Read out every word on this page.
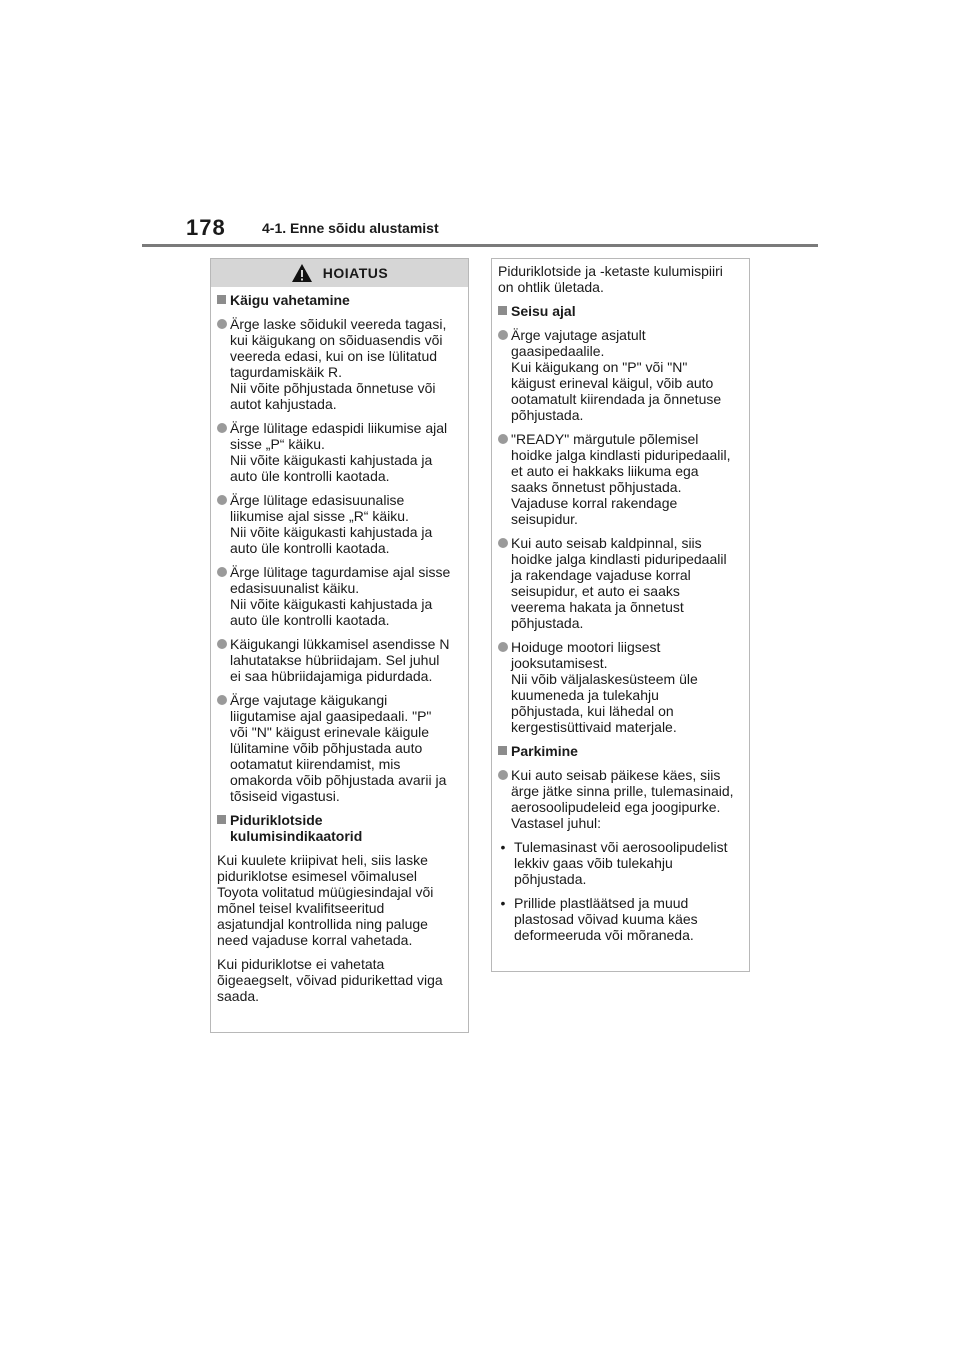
178	4-1. Enne sõidu alustamist
HOIATUS
Käigu vahetamine
Ärge laske sõidukil veereda tagasi,
kui käigukang on sõiduasendis või
veereda edasi, kui on ise lülitatud
tagurdamiskäik R.
Nii võite põhjustada õnnetuse või
autot kahjustada.
Ärge lülitage edaspidi liikumise ajal
sisse „P“ käiku.
Nii võite käigukasti kahjustada ja
auto üle kontrolli kaotada.
Ärge lülitage edasisuunalise
liikumise ajal sisse „R“ käiku.
Nii võite käigukasti kahjustada ja
auto üle kontrolli kaotada.
Ärge lülitage tagurdamise ajal sisse
edasisuunalist käiku.
Nii võite käigukasti kahjustada ja
auto üle kontrolli kaotada.
Käigukangi lükkamisel asendisse N
lahutatakse hübriidajam. Sel juhul
ei saa hübriidajamiga pidurdada.
Ärge vajutage käigukangi
liigutamise ajal gaasipedaali. "P"
või "N" käigust erinevale käigule
lülitamine võib põhjustada auto
ootamatut kiirendamist, mis
omakorda võib põhjustada avarii ja
tõsiseid vigastusi.
Piduriklotside
kulumisindikaatorid
Kui kuulete kriipivat heli, siis laske
piduriklotse esimesel võimalusel
Toyota volitatud müügiesindajal või
mõnel teisel kvalifitseeritud
asjatundjal kontrollida ning paluge
need vajaduse korral vahetada.
Kui piduriklotse ei vahetata
õigeaegselt, võivad pidurikettad viga
saada.
Piduriklotside ja -ketaste kulumispiiri
on ohtlik ületada.
Seisu ajal
Ärge vajutage asjatult
gaasipedaalile.
Kui käigukang on "P" või "N"
käigust erineval käigul, võib auto
ootamatult kiirendada ja õnnetuse
põhjustada.
"READY" märgutule põlemisel
hoidke jalga kindlasti piduripedaalil,
et auto ei hakkaks liikuma ega
saaks õnnetust põhjustada.
Vajaduse korral rakendage
seisupidur.
Kui auto seisab kaldpinnal, siis
hoidke jalga kindlasti piduripedaalil
ja rakendage vajaduse korral
seisupidur, et auto ei saaks
veerema hakata ja õnnetust
põhjustada.
Hoiduge mootori liigsest
jooksutamisest.
Nii võib väljalaskesüsteem üle
kuumeneda ja tulekahju
põhjustada, kui lähedal on
kergestisüttivaid materjale.
Parkimine
Kui auto seisab päikese käes, siis
ärge jätke sinna prille, tulemasinaid,
aerosoolipudeleid ega joogipurke.
Vastasel juhul:
• Tulemasinast või aerosoolipudelist
lekkiv gaas võib tulekahju
põhjustada.
• Prillide plastläätsed ja muud
plastosad võivad kuuma käes
deformeeruda või mõraneda.
